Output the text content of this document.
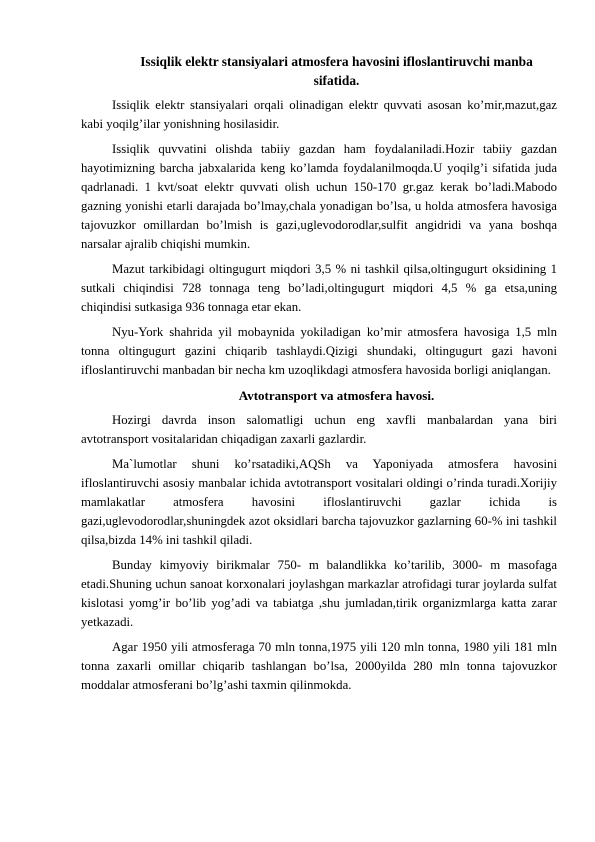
Issiqlik elektr stansiyalari atmosfera havosini ifloslantiruvchi manba sifatida.

Issiqlik elektr stansiyalari orqali olinadigan elektr quvvati asosan ko’mir,mazut,gaz kabi yoqilg’ilar yonishning hosilasidir.

Issiqlik quvvatini olishda tabiiy gazdan ham foydalaniladi.Hozir tabiiy gazdan hayotimizning barcha jabxalarida keng ko’lamda foydalanilmoqda.U yoqilg’i sifatida juda qadrlanadi. 1 kvt/soat elektr quvvati olish uchun 150-170 gr.gaz kerak bo’ladi.Mabodo gazning yonishi etarli darajada bo’lmay,chala yonadigan bo’lsa, u holda atmosfera havosiga tajovuzkor omillardan bo’lmish is gazi,uglevodorodlar,sulfit angidridi va yana boshqa narsalar ajralib chiqishi mumkin.

Mazut tarkibidagi oltingugurt miqdori 3,5 % ni tashkil qilsa,oltingugurt oksidining 1 sutkali chiqindisi 728 tonnaga teng bo’ladi,oltingugurt miqdori 4,5 % ga etsa,uning chiqindisi sutkasiga 936 tonnaga etar ekan.

Nyu-York shahrida yil mobaynida yokiladigan ko’mir atmosfera havosiga 1,5 mln tonna oltingugurt gazini chiqarib tashlaydi.Qizigi shundaki, oltingugurt gazi havoni ifloslantiruvchi manbadan bir necha km uzoqlikdagi atmosfera havosida borligi aniqlangan.

Avtotransport va atmosfera havosi.

Hozirgi davrda inson salomatligi uchun eng xavfli manbalardan yana biri avtotransport vositalaridan chiqadigan zaxarli gazlardir.

Ma`lumotlar shuni ko’rsatadiki,AQSh va Yaponiyada atmosfera havosini ifloslantiruvchi asosiy manbalar ichida avtotransport vositalari oldingi o’rinda turadi.Xorijiy mamlakatlar atmosfera havosini ifloslantiruvchi gazlar ichida is gazi,uglevodorodlar,shuningdek azot oksidlari barcha tajovuzkor gazlarning 60-% ini tashkil qilsa,bizda 14% ini tashkil qiladi.

Bunday kimyoviy birikmalar 750- m balandlikka ko’tarilib, 3000- m masofaga etadi.Shuning uchun sanoat korxonalari joylashgan markazlar atrofidagi turar joylarda sulfat kislotasi yomg’ir bo’lib yog’adi va tabiatga ,shu jumladan,tirik organizmlarga katta zarar yetkazadi.

Agar 1950 yili atmosferaga 70 mln tonna,1975 yili 120 mln tonna, 1980 yili 181 mln tonna zaxarli omillar chiqarib tashlangan bo’lsa, 2000yilda 280 mln tonna tajovuzkor moddalar atmosferani bo’lg’ashi taxmin qilinmokda.
